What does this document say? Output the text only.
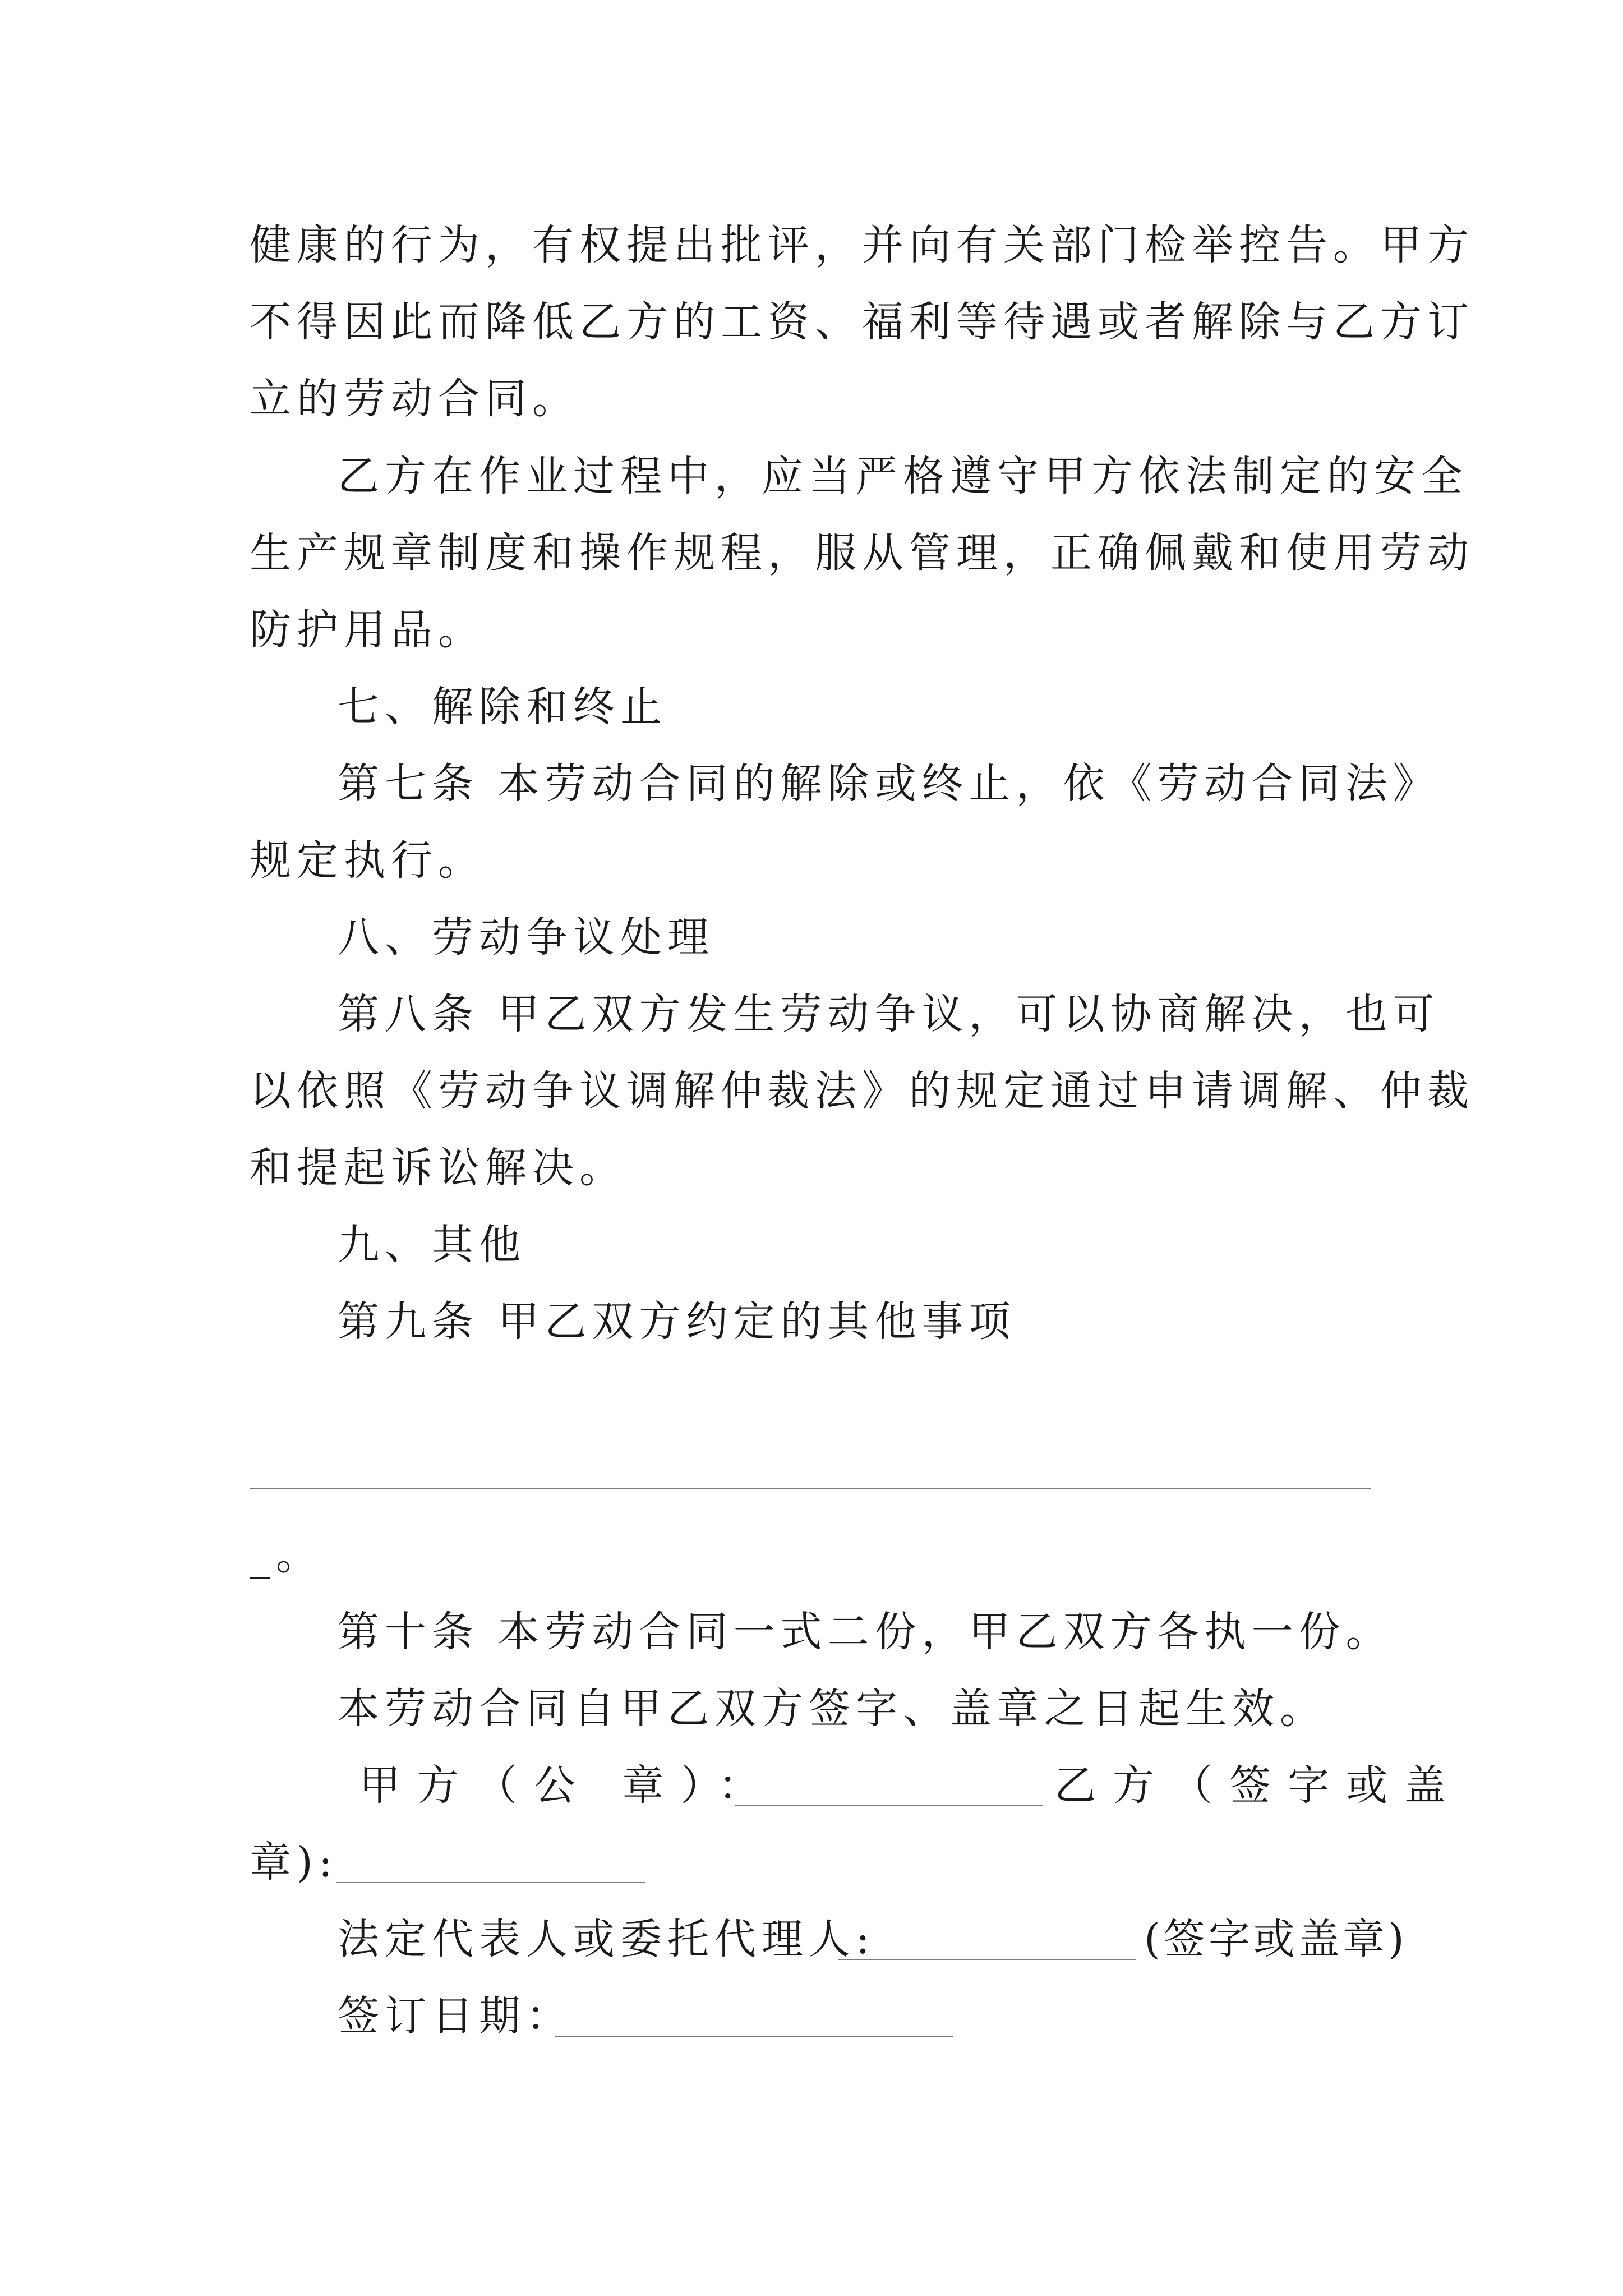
健康的行为，有权提出批评，并向有关部门检举控告。甲方
不得因此而降低乙方的工资、福利等待遇或者解除与乙方订
立的劳动合同。
乙方在作业过程中，应当严格遵守甲方依法制定的安全
生产规章制度和操作规程，服从管理，正确佩戴和使用劳动
防护用品。
七、解除和终止
第七条 本劳动合同的解除或终止，依《劳动合同法》
规定执行。
八、劳动争议处理
第八条 甲乙双方发生劳动争议，可以协商解决，也可
以依照《劳动争议调解仲裁法》的规定通过申请调解、仲裁
和提起诉讼解决。
九、其他
第九条 甲乙双方约定的其他事项
_。
第十条 本劳动合同一式二份，甲乙双方各执一份。
本劳动合同自甲乙双方签字、盖章之日起生效。
甲方（公 章）：	乙方（签字或盖
章):
法定代表人或委托代理人:	(签字或盖章)
签订日期：
